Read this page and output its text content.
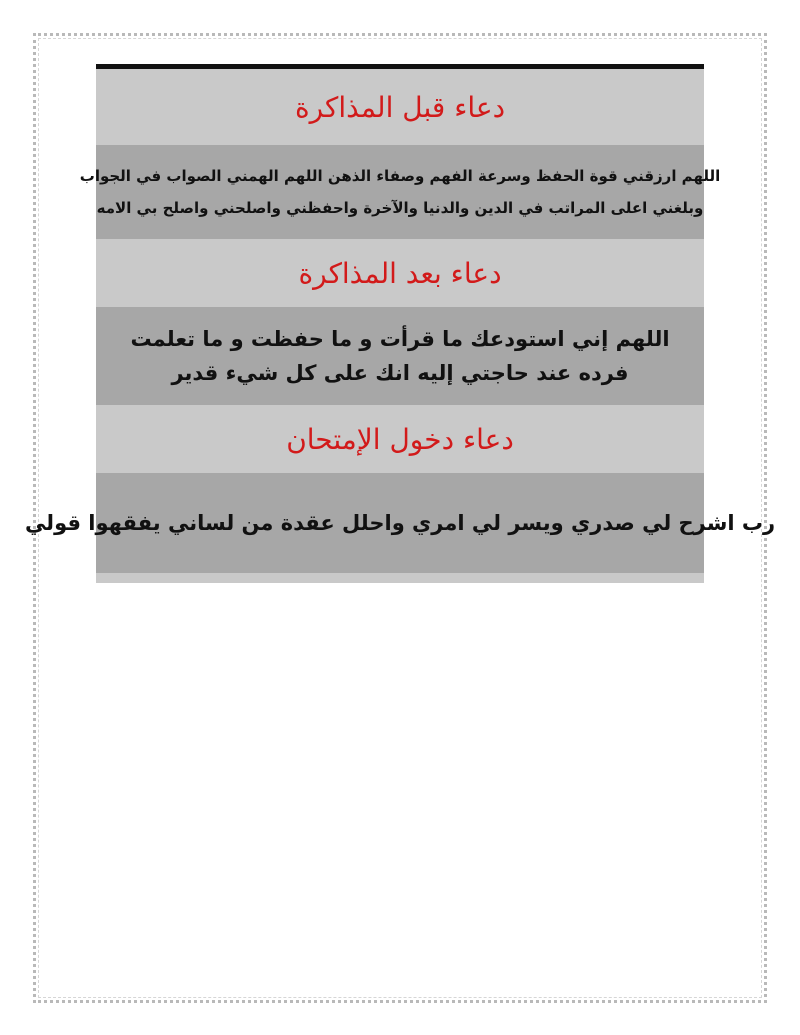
دعاء قبل المذاكرة
اللهم ارزقني قوة الحفظ وسرعة الفهم وصفاء الذهن اللهم الهمني الصواب في الجواب
وبلغني اعلى المراتب في الدين والدنيا والآخرة واحفظني واصلحني واصلح بي الامه
دعاء بعد المذاكرة
اللهم إني استودعك ما قرأت و ما حفظت و ما تعلمت
فرده عند حاجتي إليه انك على كل شيء قدير
دعاء دخول الإمتحان
رب اشرح لي صدري ويسر لي امري واحلل عقدة من لساني يفقهوا قولي
